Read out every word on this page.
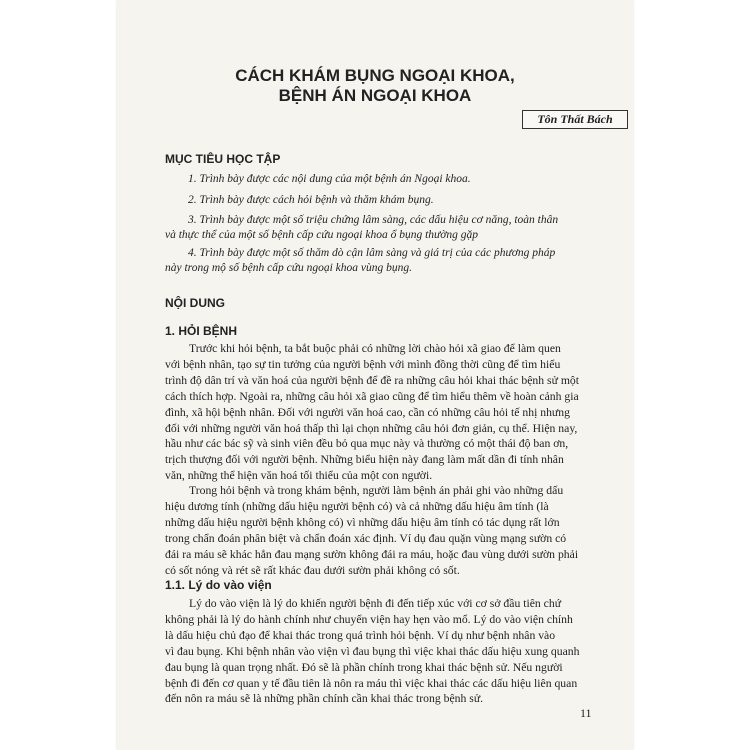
CÁCH KHÁM BỤNG NGOẠI KHOA,
BỆNH ÁN NGOẠI KHOA
Tôn Thất Bách
MỤC TIÊU HỌC TẬP
1. Trình bày được các nội dung của một bệnh án Ngoại khoa.
2. Trình bày được cách hỏi bệnh và thăm khám bụng.
3. Trình bày được một số triệu chứng lâm sàng, các dấu hiệu cơ năng, toàn thân
và thực thể của một số bệnh cấp cứu ngoại khoa ổ bụng thường gặp
4. Trình bày được một số thăm dò cận lâm sàng và giá trị của các phương pháp
này trong mộ số bệnh cấp cứu ngoại khoa vùng bụng.
NỘI DUNG
1. HỎI BỆNH
Trước khi hỏi bệnh, ta bắt buộc phải có những lời chào hỏi xã giao để làm quen
với bệnh nhân, tạo sự tin tưởng của người bệnh với mình đồng thời cũng để tìm hiểu
trình độ dân trí và văn hoá của người bệnh để đề ra những câu hỏi khai thác bệnh sử một
cách thích hợp. Ngoài ra, những câu hỏi xã giao cũng để tìm hiểu thêm về hoàn cảnh gia
đình, xã hội bệnh nhân. Đối với người văn hoá cao, cần có những câu hỏi tế nhị nhưng
đối với những người văn hoá thấp thì lại chọn những câu hỏi đơn giản, cụ thể. Hiện nay,
hầu như các bác sỹ và sinh viên đều bỏ qua mục này và thường có một thái độ ban ơn,
trịch thượng đối với người bệnh. Những biểu hiện này đang làm mất dần đi tính nhân
văn, những thể hiện văn hoá tối thiểu của một con người.
Trong hỏi bệnh và trong khám bệnh, người làm bệnh án phải ghi vào những dấu
hiệu dương tính (những dấu hiệu người bệnh có) và cả những dấu hiệu âm tính (là
những dấu hiệu người bệnh không có) vì những dấu hiệu âm tính có tác dụng rất lớn
trong chẩn đoán phân biệt và chẩn đoán xác định. Ví dụ đau quặn vùng mạng sườn có
đái ra máu sẽ khác hẳn đau mạng sườn không đái ra máu, hoặc đau vùng dưới sườn phải
có sốt nóng và rét sẽ rất khác đau dưới sườn phải không có sốt.
1.1. Lý do vào viện
Lý do vào viện là lý do khiến người bệnh đi đến tiếp xúc với cơ sở đầu tiên chứ
không phải là lý do hành chính như chuyển viện hay hẹn vào mổ. Lý do vào viện chính
là dấu hiệu chủ đạo để khai thác trong quá trình hỏi bệnh. Ví dụ như bệnh nhân vào
vì đau bụng. Khi bệnh nhân vào viện vì đau bụng thì việc khai thác dấu hiệu xung quanh
đau bụng là quan trọng nhất. Đó sẽ là phần chính trong khai thác bệnh sử. Nếu người
bệnh đi đến cơ quan y tế đầu tiên là nôn ra máu thì việc khai thác các dấu hiệu liên quan
đến nôn ra máu sẽ là những phần chính cần khai thác trong bệnh sử.
11
